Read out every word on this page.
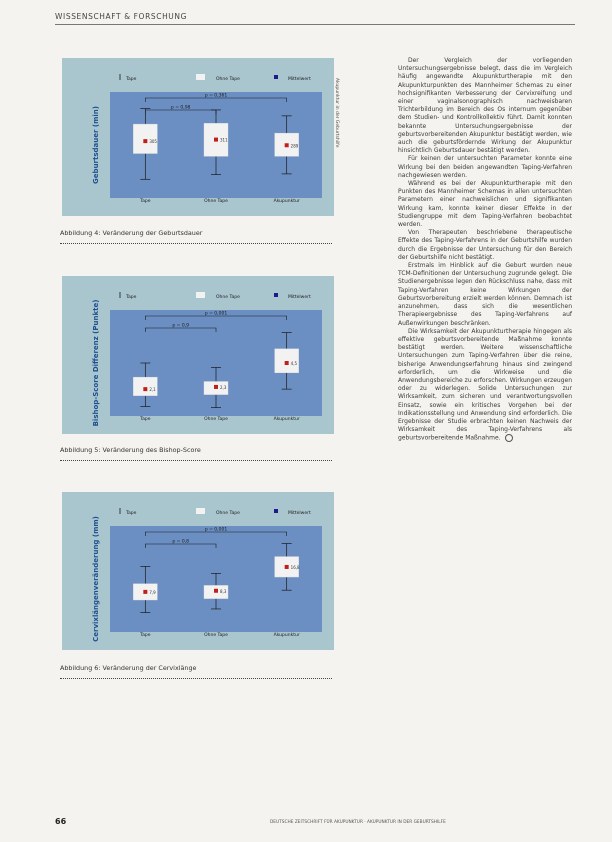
WISSENSCHAFT & FORSCHUNG
Geburtsdauer (min)
Tape	Ohne Tape	Mittelwert
p = 0,361
p = 0,98
305
Tape
311
Ohne Tape
289
Akupunktur
Abbildung 4: Veränderung der Geburtsdauer
Bishop-Score Differenz (Punkte)
Tape	Ohne Tape	Mittelwert
p = 0,001
p = 0,9
2,1
Tape
2,3
Ohne Tape
4,5
Akupunktur
Abbildung 5: Veränderung des Bishop-Score
Cervixlängenveränderung (mm)
Tape	Ohne Tape	Mittelwert
p = 0,001
p = 0,8
7,9
Tape
8,3
Ohne Tape
16,8
Akupunktur
Abbildung 6: Veränderung der Cervixlänge
Akupunktur in der Geburtshilfe

Der Vergleich der vorliegenden Untersuchungsergebnisse belegt, dass die im Vergleich häufig angewandte Akupunkturtherapie mit den Akupunkturpunkten des Mannheimer Schemas zu einer hochsignifikanten Verbesserung der Cervixreifung und einer vaginalsonographisch nachweisbaren Trichterbildung im Bereich des Os internum gegenüber dem Studien- und Kontrollkollektiv führt. Damit konnten bekannte Untersuchungsergebnisse der geburtsvorbereitenden Akupunktur bestätigt werden, wie auch die geburtsfördernde Wirkung der Akupunktur hinsichtlich Geburtsdauer bestätigt werden.

Für keinen der untersuchten Parameter konnte eine Wirkung bei den beiden angewandten Taping-Verfahren nachgewiesen werden.

Während es bei der Akupunkturtherapie mit den Punkten des Mannheimer Schemas in allen untersuchten Parametern einer nachweislichen und signifikanten Wirkung kam, konnte keiner dieser Effekte in der Studiengruppe mit dem Taping-Verfahren beobachtet werden.

Von Therapeuten beschriebene therapeutische Effekte des Taping-Verfahrens in der Geburtshilfe wurden durch die Ergebnisse der Untersuchung für den Bereich der Geburtshilfe nicht bestätigt.

Erstmals im Hinblick auf die Geburt wurden neue TCM-Definitionen der Untersuchung zugrunde gelegt. Die Studienergebnisse legen den Rückschluss nahe, dass mit Taping-Verfahren keine Wirkungen der Geburtsvorbereitung erzielt werden können. Demnach ist anzunehmen, dass sich die wesentlichen Therapieergebnisse des Taping-Verfahrens auf Außenwirkungen beschränken.

Die Wirksamkeit der Akupunkturtherapie hingegen als effektive geburtsvorbereitende Maßnahme konnte bestätigt werden. Weitere wissenschaftliche Untersuchungen zum Taping-Verfahren über die reine, bisherige Anwendungserfahrung hinaus sind zwingend erforderlich, um die Wirkweise und die Anwendungsbereiche zu erforschen. Wirkungen erzeugen oder zu widerlegen. Solide Untersuchungen zur Wirksamkeit, zum sicheren und verantwortungsvollen Einsatz, sowie ein kritisches Vorgehen bei der Indikationsstellung und Anwendung sind erforderlich. Die Ergebnisse der Studie erbrachten keinen Nachweis der Wirksamkeit des Taping-Verfahrens als geburtsvorbereitende Maßnahme.

66	DEUTSCHE ZEITSCHRIFT FÜR AKUPUNKTUR · AKUPUNKTUR IN DER GEBURTSHILFE
